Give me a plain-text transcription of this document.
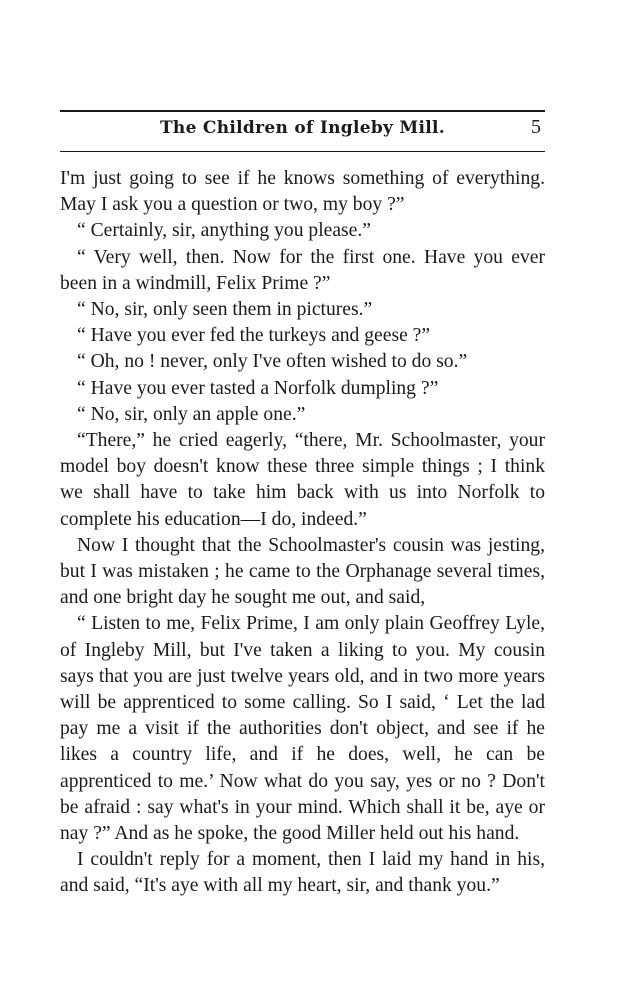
The Children of Ingleby Mill.	5

I'm just going to see if he knows something of everything. May I ask you a question or two, my boy ?”

“ Certainly, sir, anything you please.”

“ Very well, then. Now for the first one. Have you ever been in a windmill, Felix Prime ?”

“ No, sir, only seen them in pictures.”

“ Have you ever fed the turkeys and geese ?”

“ Oh, no ! never, only I've often wished to do so.”

“ Have you ever tasted a Norfolk dumpling ?”

“ No, sir, only an apple one.”

“There,” he cried eagerly, “there, Mr. Schoolmaster, your model boy doesn't know these three simple things ; I think we shall have to take him back with us into Norfolk to complete his education—I do, indeed.”

Now I thought that the Schoolmaster's cousin was jesting, but I was mistaken ; he came to the Orphanage several times, and one bright day he sought me out, and said,

“ Listen to me, Felix Prime, I am only plain Geoffrey Lyle, of Ingleby Mill, but I've taken a liking to you. My cousin says that you are just twelve years old, and in two more years will be apprenticed to some calling. So I said, ‘ Let the lad pay me a visit if the authorities don't object, and see if he likes a country life, and if he does, well, he can be apprenticed to me.’ Now what do you say, yes or no ? Don't be afraid : say what's in your mind. Which shall it be, aye or nay ?” And as he spoke, the good Miller held out his hand.

I couldn't reply for a moment, then I laid my hand in his, and said, “It's aye with all my heart, sir, and thank you.”
